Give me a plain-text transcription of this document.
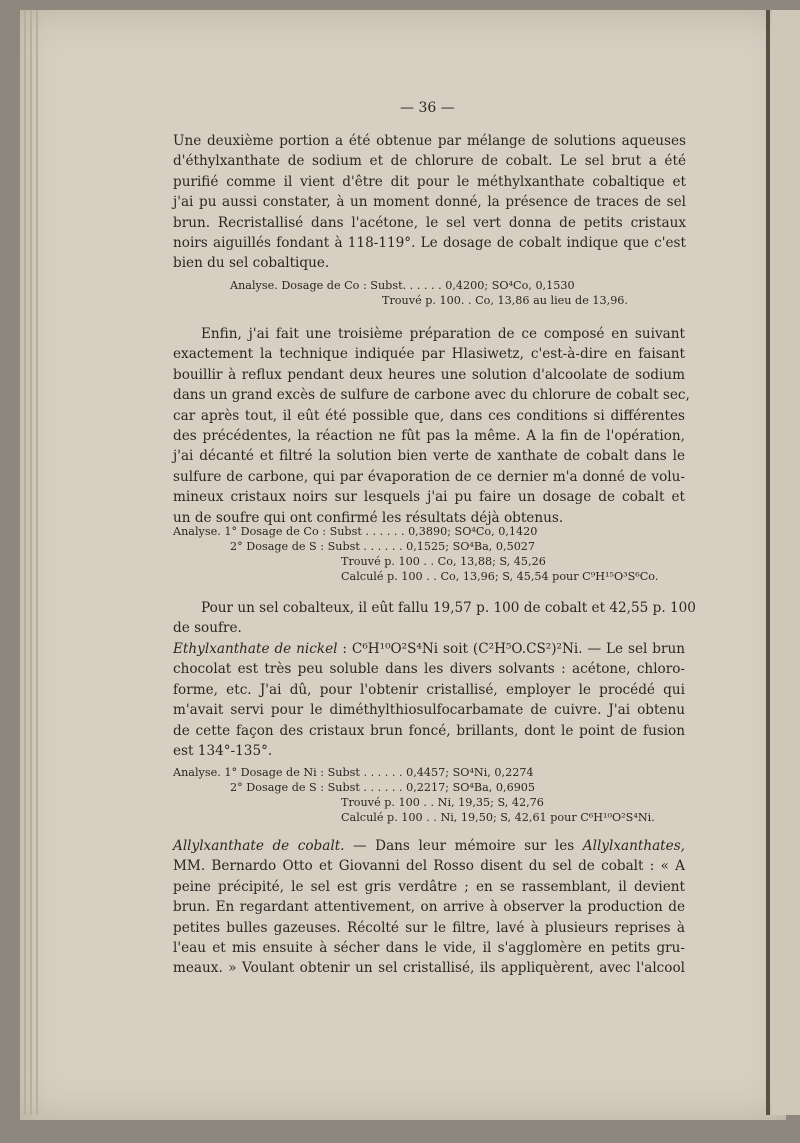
— 36 —
Une deuxième portion a été obtenue par mélange de solutions aqueuses
d'éthylxanthate de sodium et de chlorure de cobalt. Le sel brut a été
purifié comme il vient d'être dit pour le méthylxanthate cobaltique et
j'ai pu aussi constater, à un moment donné, la présence de traces de sel
brun. Recristallisé dans l'acétone, le sel vert donna de petits cristaux
noirs aiguillés fondant à 118-119°. Le dosage de cobalt indique que c'est
bien du sel cobaltique.
Analyse. Dosage de Co : Subst. . . . . . 0,4200; SO⁴Co, 0,1530
Trouvé p. 100. . Co, 13,86 au lieu de 13,96.
Enfin, j'ai fait une troisième préparation de ce composé en suivant
exactement la technique indiquée par Hlasiwetz, c'est-à-dire en faisant
bouillir à reflux pendant deux heures une solution d'alcoolate de sodium
dans un grand excès de sulfure de carbone avec du chlorure de cobalt sec,
car après tout, il eût été possible que, dans ces conditions si différentes
des précédentes, la réaction ne fût pas la même. A la fin de l'opération,
j'ai décanté et filtré la solution bien verte de xanthate de cobalt dans le
sulfure de carbone, qui par évaporation de ce dernier m'a donné de volu-
mineux cristaux noirs sur lesquels j'ai pu faire un dosage de cobalt et
un de soufre qui ont confirmé les résultats déjà obtenus.
Analyse. 1° Dosage de Co : Subst . . . . . . 0,3890; SO⁴Co, 0,1420
2° Dosage de S : Subst . . . . . . 0,1525; SO⁴Ba, 0,5027
Trouvé p. 100 . . Co, 13,88; S, 45,26
Calculé p. 100 . . Co, 13,96; S, 45,54 pour C⁹H¹⁵O³S⁶Co.
Pour un sel cobalteux, il eût fallu 19,57 p. 100 de cobalt et 42,55 p. 100
de soufre.
Ethylxanthate de nickel : C⁶H¹⁰O²S⁴Ni soit (C²H⁵O.CS²)²Ni. — Le sel brun
chocolat est très peu soluble dans les divers solvants : acétone, chloro-
forme, etc. J'ai dû, pour l'obtenir cristallisé, employer le procédé qui
m'avait servi pour le diméthylthiosulfocarbamate de cuivre. J'ai obtenu
de cette façon des cristaux brun foncé, brillants, dont le point de fusion
est 134°-135°.
Analyse. 1° Dosage de Ni : Subst . . . . . . 0,4457; SO⁴Ni, 0,2274
2° Dosage de S : Subst . . . . . . 0,2217; SO⁴Ba, 0,6905
Trouvé p. 100 . . Ni, 19,35; S, 42,76
Calculé p. 100 . . Ni, 19,50; S, 42,61 pour C⁶H¹⁰O²S⁴Ni.
Allylxanthate de cobalt. — Dans leur mémoire sur les Allylxanthates,
MM. Bernardo Otto et Giovanni del Rosso disent du sel de cobalt : « A
peine précipité, le sel est gris verdâtre ; en se rassemblant, il devient
brun. En regardant attentivement, on arrive à observer la production de
petites bulles gazeuses. Récolté sur le filtre, lavé à plusieurs reprises à
l'eau et mis ensuite à sécher dans le vide, il s'agglomère en petits gru-
meaux. » Voulant obtenir un sel cristallisé, ils appliquèrent, avec l'alcool
